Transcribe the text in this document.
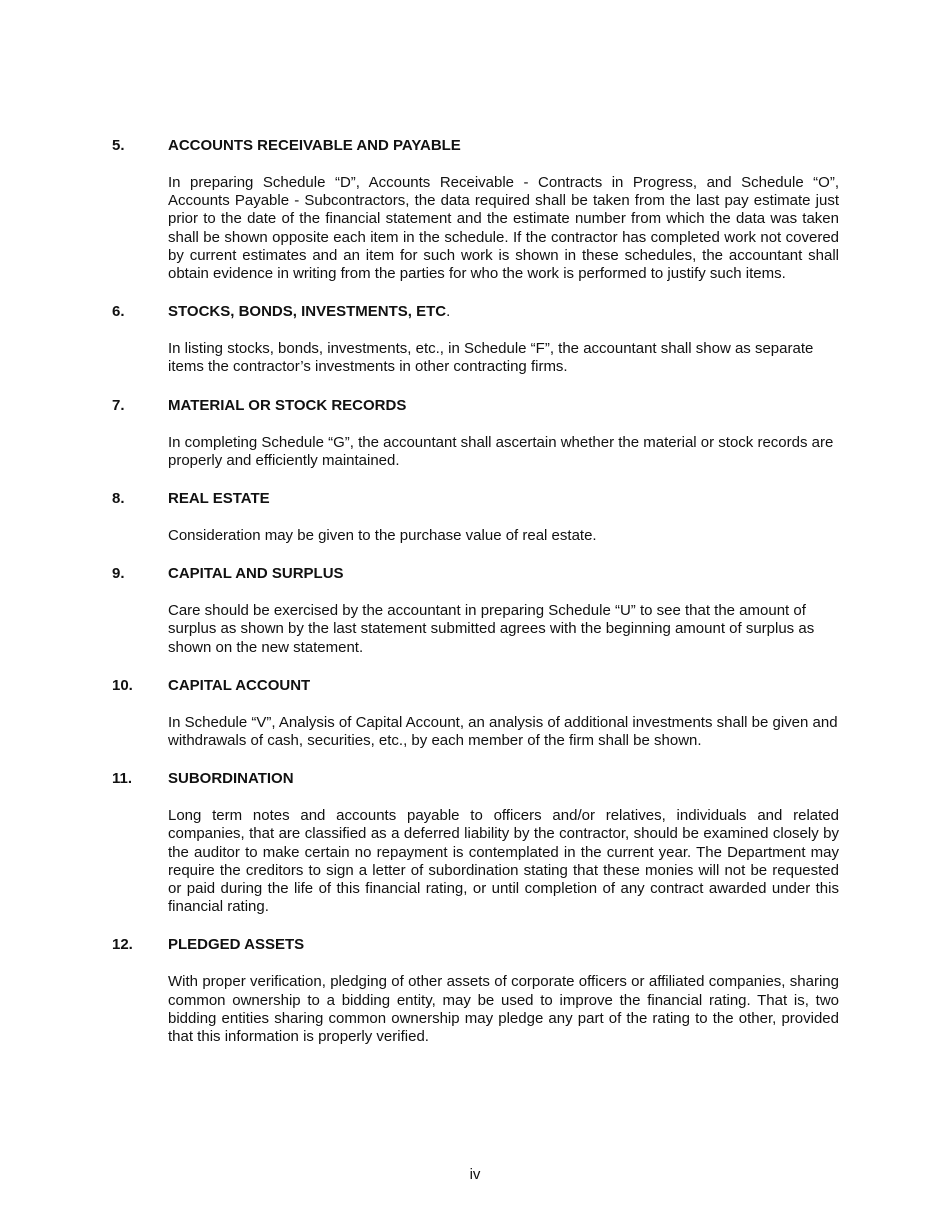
5.	ACCOUNTS RECEIVABLE AND PAYABLE
In preparing Schedule “D”, Accounts Receivable - Contracts in Progress, and Schedule “O”, Accounts Payable - Subcontractors, the data required shall be taken from the last pay estimate just prior to the date of the financial statement and the estimate number from which the data was taken shall be shown opposite each item in the schedule. If the contractor has completed work not covered by current estimates and an item for such work is shown in these schedules, the accountant shall obtain evidence in writing from the parties for who the work is performed to justify such items.
6.	STOCKS, BONDS, INVESTMENTS, ETC.
In listing stocks, bonds, investments, etc., in Schedule “F”, the accountant shall show as separate items the contractor’s investments in other contracting firms.
7.	MATERIAL OR STOCK RECORDS
In completing Schedule “G”, the accountant shall ascertain whether the material or stock records are properly and efficiently maintained.
8.	REAL ESTATE
Consideration may be given to the purchase value of real estate.
9.	CAPITAL AND SURPLUS
Care should be exercised by the accountant in preparing Schedule “U” to see that the amount of surplus as shown by the last statement submitted agrees with the beginning amount of surplus as shown on the new statement.
10.	CAPITAL ACCOUNT
In Schedule “V”, Analysis of Capital Account, an analysis of additional investments shall be given and withdrawals of cash, securities, etc., by each member of the firm shall be shown.
11.	SUBORDINATION
Long term notes and accounts payable to officers and/or relatives, individuals and related companies, that are classified as a deferred liability by the contractor, should be examined closely by the auditor to make certain no repayment is contemplated in the current year. The Department may require the creditors to sign a letter of subordination stating that these monies will not be requested or paid during the life of this financial rating, or until completion of any contract awarded under this financial rating.
12.	PLEDGED ASSETS
With proper verification, pledging of other assets of corporate officers or affiliated companies, sharing common ownership to a bidding entity, may be used to improve the financial rating. That is, two bidding entities sharing common ownership may pledge any part of the rating to the other, provided that this information is properly verified.
iv
